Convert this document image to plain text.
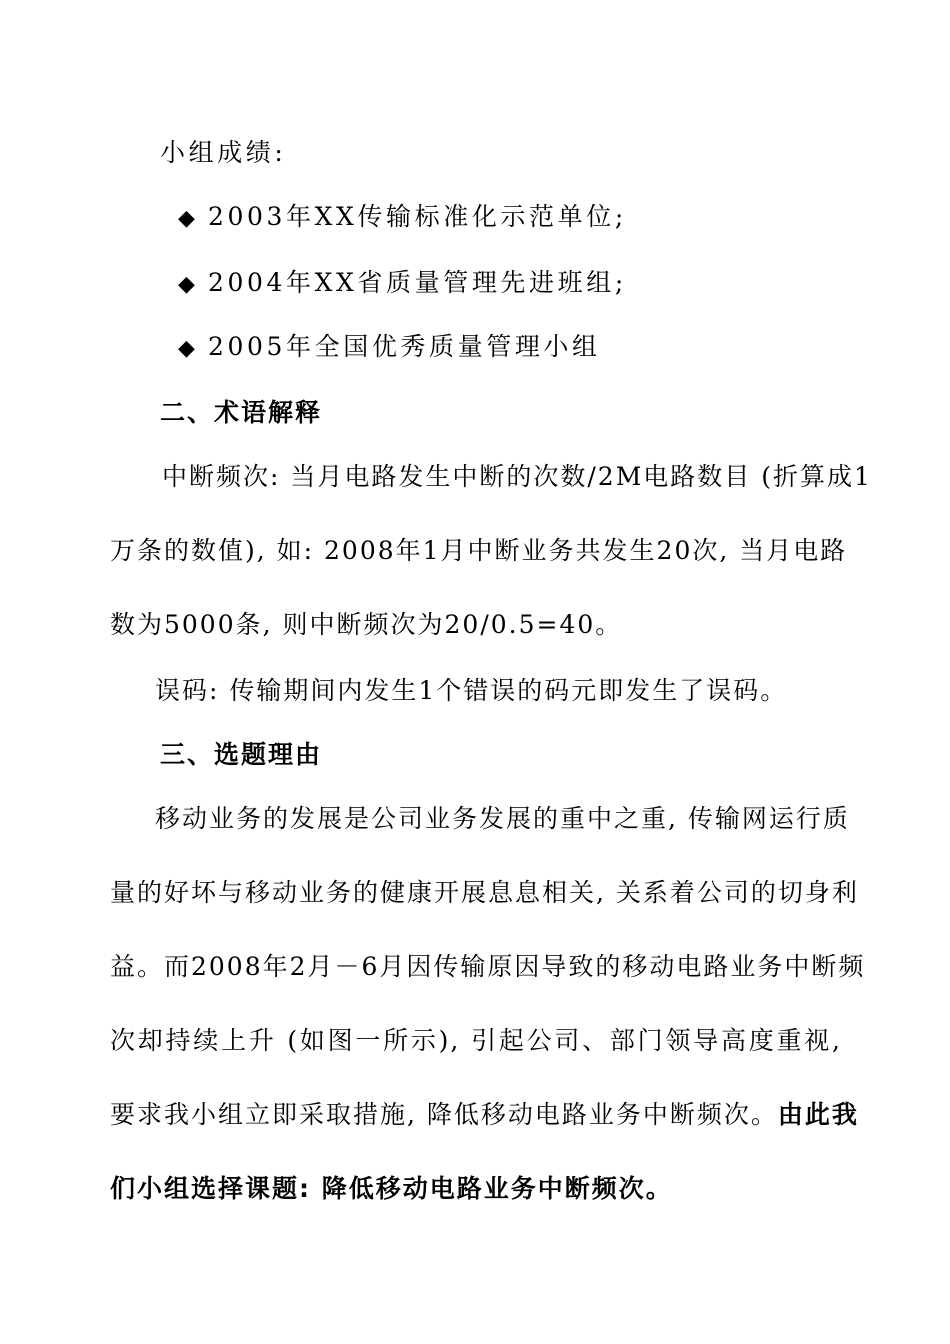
小组成绩:
◆ 2003年XX传输标准化示范单位;
◆ 2004年XX省质量管理先进班组;
◆ 2005年全国优秀质量管理小组
二、术语解释
中断频次: 当月电路发生中断的次数/2M电路数目 (折算成1
万条的数值), 如: 2008年1月中断业务共发生20次, 当月电路
数为5000条, 则中断频次为20/0.5=40。
误码: 传输期间内发生1个错误的码元即发生了误码。
三、选题理由
移动业务的发展是公司业务发展的重中之重, 传输网运行质
量的好坏与移动业务的健康开展息息相关, 关系着公司的切身利
益。而2008年2月－6月因传输原因导致的移动电路业务中断频
次却持续上升 (如图一所示), 引起公司、部门领导高度重视,
要求我小组立即采取措施, 降低移动电路业务中断频次。由此我
们小组选择课题: 降低移动电路业务中断频次。
